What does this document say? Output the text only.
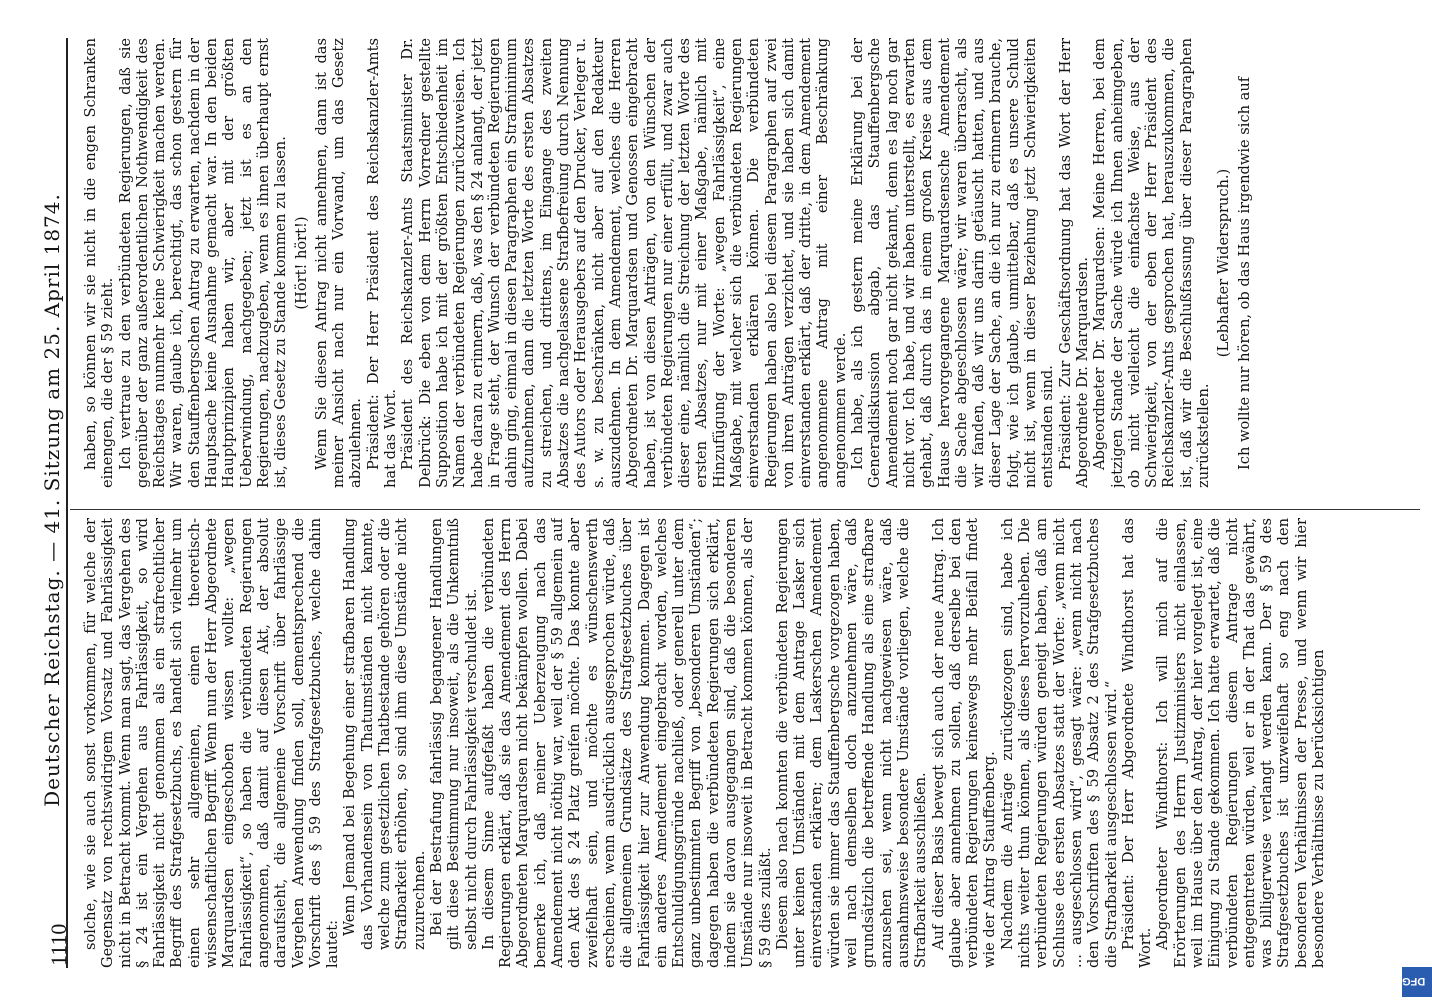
1110
Deutscher Reichstag. — 41. Sitzung am 25. April 1874. solche, wie sie auch sonst vorkommen, für welche der Gegensatz von rechtswidrigem Vorsatz und Fahrlässigkeit nicht in Betracht kommt. Wenn man sagt, das Vergehen des § 24 ist ein Vergehen aus Fahrlässigkeit, so wird Fahrlässigkeit nicht genommen als ein strafrechtlicher Begriff des Strafgesetzbuchs, es handelt sich vielmehr um einen sehr allgemeinen, einen theoretisch-wissenschaftlichen Begriff. Wenn nun der Herr Abgeordnete Marquardsen eingeschoben wissen wollte: „wegen Fahrlässigkeit“, so haben die verbündeten Regierungen angenommen, daß damit auf diesen Akt, der absolut daraufsieht, die allgemeine Vorschrift über fahrlässige Vergehen Anwendung finden soll, dementsprechend die Vorschrift des § 59 des Strafgesetzbuches, welche dahin lautet:

Wenn Jemand bei Begehung einer strafbaren Handlung das Vorhandensein von Thatumständen nicht kannte, welche zum gesetzlichen Thatbestande gehören oder die Strafbarkeit erhöhen, so sind ihm diese Umstände nicht zuzurechnen. Bei der Bestrafung fahrlässig begangener Handlungen gilt diese Bestimmung nur insoweit, als die Unkenntniß selbst nicht durch Fahrlässigkeit verschuldet ist. In diesem Sinne aufgefaßt haben die verbündeten Regierungen erklärt, daß sie das Amendement des Herrn Abgeordneten Marquardsen nicht bekämpfen wollen. Dabei bemerke ich, daß meiner Ueberzeugung nach das Amendement nicht nöthig war, weil der § 59 allgemein auf den Akt des § 24 Platz greifen möchte. Das konnte aber zweifelhaft sein, und möchte es wünschenswerth erscheinen, wenn ausdrücklich ausgesprochen würde, daß die allgemeinen Grundsätze des Strafgesetzbuches über Fahrlässigkeit hier zur Anwendung kommen. Dagegen ist ein anderes Amendement eingebracht worden, welches Entschuldigungsgründe nachließ, oder generell unter dem ganz unbestimmten Begriff von „besonderen Umständen“; dagegen haben die verbündeten Regierungen sich erklärt, indem sie davon ausgegangen sind, daß die besonderen Umstände nur insoweit in Betracht kommen können, als der § 59 dies zuläßt. Diesem also nach konnten die verbündeten Regierungen unter keinen Umständen mit dem Antrage Lasker sich einverstanden erklären; dem Laskerschen Amendement würden sie immer das Stauffenbergsche vorgezogen haben, weil nach demselben doch anzunehmen wäre, daß grundsätzlich die betreffende Handlung als eine strafbare anzusehen sei, wenn nicht nachgewiesen wäre, daß ausnahmsweise besondere Umstände vorliegen, welche die Strafbarkeit ausschließen. Auf dieser Basis bewegt sich auch der neue Antrag. Ich glaube aber annehmen zu sollen, daß derselbe bei den verbündeten Regierungen keineswegs mehr Beifall findet wie der Antrag Stauffenberg. Nachdem die Anträge zurückgezogen sind, habe ich nichts weiter thun können, als dieses hervorzuheben. Die verbündeten Regierungen würden geneigt haben, daß am Schlusse des ersten Absatzes statt der Worte: „wenn nicht ... ausgeschlossen wird“, gesagt wäre: „wenn nicht nach den Vorschriften des § 59 Absatz 2 des Strafgesetzbuches die Strafbarkeit ausgeschlossen wird.“ Präsident: Der Herr Abgeordnete Windthorst hat das Wort. Abgeordneter Windthorst: Ich will mich auf die Erörterungen des Herrn Justizministers nicht einlassen, weil im Hause über den Antrag, der hier vorgelegt ist, eine Einigung zu Stande gekommen. Ich hatte erwartet, daß die verbündeten Regierungen diesem Antrage nicht entgegentreten würden, weil er in der That das gewährt, was billigerweise verlangt werden kann. Der § 59 des Strafgesetzbuches ist unzweifelhaft so eng nach den besonderen Verhältnissen der Presse, und wenn wir hier besondere Verhältnisse zu berücksichtigen

haben, so können wir sie nicht in die engen Schranken einengen, die der § 59 zieht. Ich vertraue zu den verbündeten Regierungen, daß sie gegenüber der ganz außerordentlichen Nothwendigkeit des Reichstages nunmehr keine Schwierigkeit machen werden. Wir waren, glaube ich, berechtigt, das schon gestern für den Stauffenbergschen Antrag zu erwarten, nachdem in der Hauptsache keine Ausnahme gemacht war. In den beiden Hauptprinzipien haben wir, aber mit der größten Ueberwindung, nachgegeben; jetzt ist es an den Regierungen, nachzugeben, wenn es ihnen überhaupt ernst ist, dieses Gesetz zu Stande kommen zu lassen. (Hört! hört!) Wenn Sie diesen Antrag nicht annehmen, dann ist das meiner Ansicht nach nur ein Vorwand, um das Gesetz abzulehnen. Präsident: Der Herr Präsident des Reichskanzler-Amts hat das Wort. Präsident des Reichskanzler-Amts Staatsminister Dr. Delbrück: Die eben von dem Herrn Vorredner gestellte Supposition habe ich mit der größten Entschiedenheit im Namen der verbündeten Regierungen zurückzuweisen. Ich habe daran zu erinnern, daß, was den § 24 anlangt, der jetzt in Frage steht, der Wunsch der verbündeten Regierungen dahin ging, einmal in diesen Paragraphen ein Strafminimum aufzunehmen, dann die letzten Worte des ersten Absatzes zu streichen, und drittens, im Eingange des zweiten Absatzes die nachgelassene Strafbefreiung durch Nennung des Autors oder Herausgebers auf den Drucker, Verleger u. s. w. zu beschränken, nicht aber auf den Redakteur auszudehnen. In dem Amendement, welches die Herren Abgeordneten Dr. Marquardsen und Genossen eingebracht haben, ist von diesen Anträgen, von den Wünschen der verbündeten Regierungen nur einer erfüllt, und zwar auch dieser eine, nämlich die Streichung der letzten Worte des ersten Absatzes, nur mit einer Maßgabe, nämlich mit Hinzufügung der Worte: „wegen Fahrlässigkeit“, eine Maßgabe, mit welcher sich die verbündeten Regierungen einverstanden erklären können. Die verbündeten Regierungen haben also bei diesem Paragraphen auf zwei von ihren Anträgen verzichtet, und sie haben sich damit einverstanden erklärt, daß der dritte, in dem Amendement angenommene Antrag mit einer Beschränkung angenommen werde. Ich habe, als ich gestern meine Erklärung bei der Generaldiskussion abgab, das Stauffenbergsche Amendement noch gar nicht gekannt, denn es lag noch gar nicht vor. Ich habe, und wir haben unterstellt, es erwarten gehabt, daß durch das in einem großen Kreise aus dem Hause hervorgegangene Marquardsensche Amendement die Sache abgeschlossen wäre; wir waren überrascht, als wir fanden, daß wir uns darin getäuscht hatten, und aus dieser Lage der Sache, an die ich nur zu erinnern brauche, folgt, wie ich glaube, unmittelbar, daß es unsere Schuld nicht ist, wenn in dieser Beziehung jetzt Schwierigkeiten entstanden sind. Präsident: Zur Geschäftsordnung hat das Wort der Herr Abgeordnete Dr. Marquardsen. Abgeordneter Dr. Marquardsen: Meine Herren, bei dem jetzigen Stande der Sache würde ich Ihnen anheimgeben, ob nicht vielleicht die einfachste Weise, aus der Schwierigkeit, von der eben der Herr Präsident des Reichskanzler-Amts gesprochen hat, herauszukommen, die ist, daß wir die Beschlußfassung über dieser Paragraphen zurückstellen.

(Lebhafter Widerspruch.) Ich wollte nur hören, ob das Haus irgendwie sich auf

DFG
